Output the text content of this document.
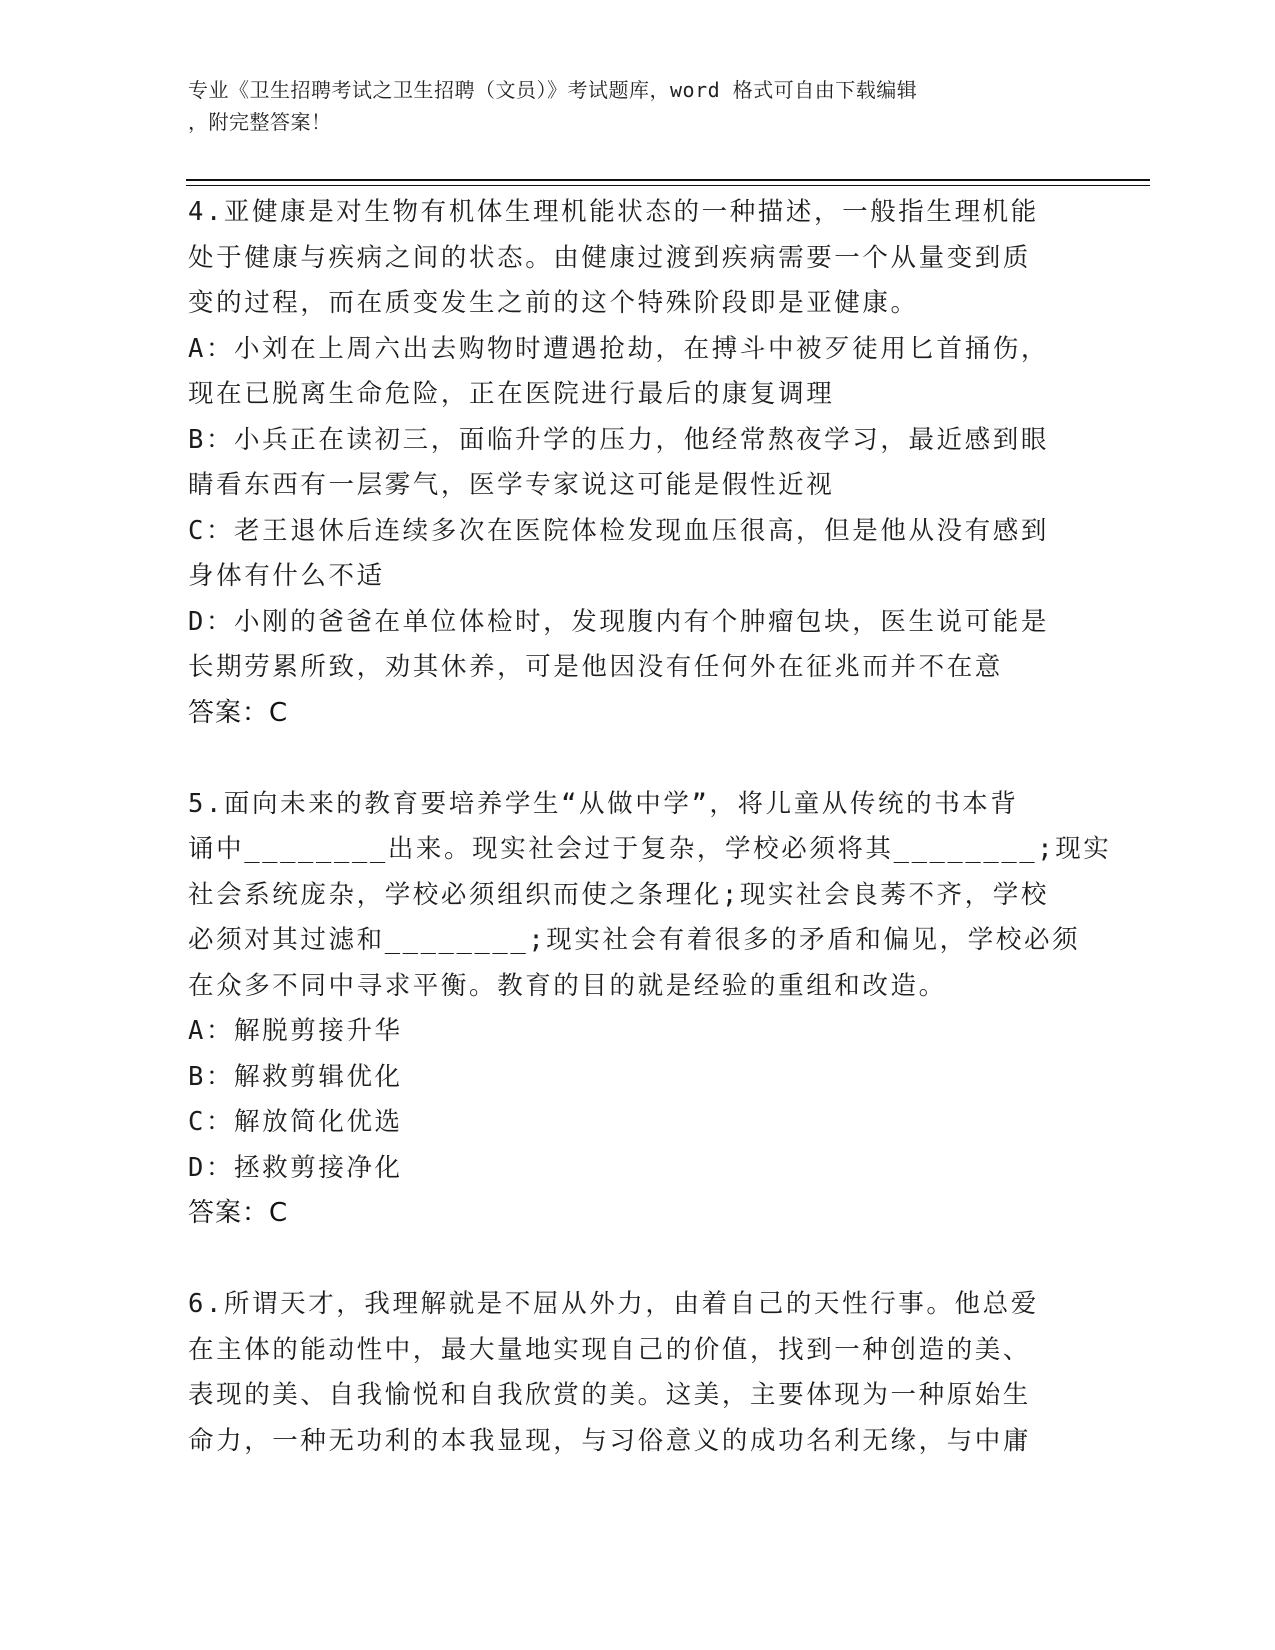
专业《卫生招聘考试之卫生招聘（文员）》考试题库，word 格式可自由下载编辑
，附完整答案！
4.亚健康是对生物有机体生理机能状态的一种描述，一般指生理机能
处于健康与疾病之间的状态。由健康过渡到疾病需要一个从量变到质
变的过程，而在质变发生之前的这个特殊阶段即是亚健康。
A：小刘在上周六出去购物时遭遇抢劫，在搏斗中被歹徒用匕首捅伤，
现在已脱离生命危险，正在医院进行最后的康复调理
B：小兵正在读初三，面临升学的压力，他经常熬夜学习，最近感到眼
睛看东西有一层雾气，医学专家说这可能是假性近视
C：老王退休后连续多次在医院体检发现血压很高，但是他从没有感到
身体有什么不适
D：小刚的爸爸在单位体检时，发现腹内有个肿瘤包块，医生说可能是
长期劳累所致，劝其休养，可是他因没有任何外在征兆而并不在意
答案：C
5.面向未来的教育要培养学生“从做中学”，将儿童从传统的书本背
诵中________出来。现实社会过于复杂，学校必须将其________;现实
社会系统庞杂，学校必须组织而使之条理化;现实社会良莠不齐，学校
必须对其过滤和________;现实社会有着很多的矛盾和偏见，学校必须
在众多不同中寻求平衡。教育的目的就是经验的重组和改造。
A：解脱剪接升华
B：解救剪辑优化
C：解放简化优选
D：拯救剪接净化
答案：C
6.所谓天才，我理解就是不屈从外力，由着自己的天性行事。他总爱
在主体的能动性中，最大量地实现自己的价值，找到一种创造的美、
表现的美、自我愉悦和自我欣赏的美。这美，主要体现为一种原始生
命力，一种无功利的本我显现，与习俗意义的成功名利无缘，与中庸
